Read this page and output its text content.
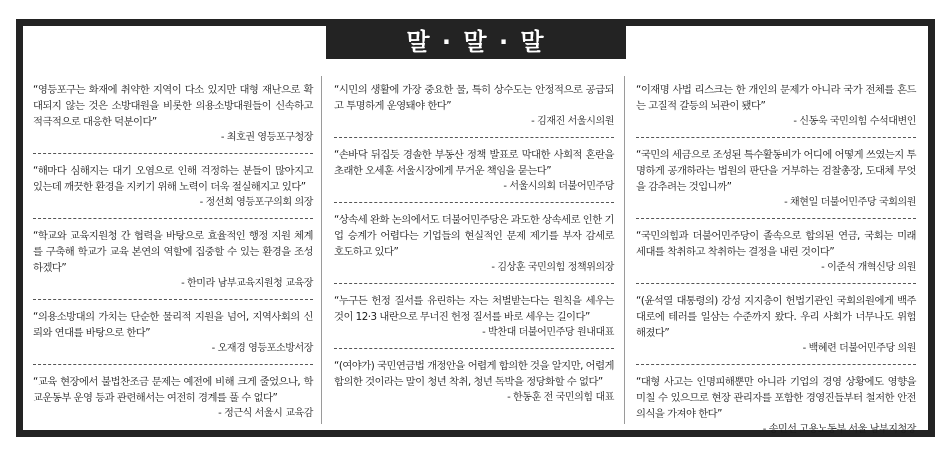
말 · 말 · 말
“영등포구는 화재에 취약한 지역이 다소 있지만 대형 재난으로 확대되지 않는 것은 소방대원을 비롯한 의용소방대원들이 신속하고 적극적으로 대응한 덕분이다”
- 최호권 영등포구청장
“해마다 심해지는 대기 오염으로 인해 걱정하는 분들이 많아지고 있는데 깨끗한 환경을 지키기 위해 노력이 더욱 절실해지고 있다”
- 정선희 영등포구의회 의장
“학교와 교육지원청 간 협력을 바탕으로 효율적인 행정 지원 체계를 구축해 학교가 교육 본연의 역할에 집중할 수 있는 환경을 조성하겠다”
- 한미라 남부교육지원청 교육장
“의용소방대의 가치는 단순한 물리적 지원을 넘어, 지역사회의 신뢰와 연대를 바탕으로 한다”
- 오재경 영등포소방서장
“교육 현장에서 불법찬조금 문제는 예전에 비해 크게 줄었으나, 학교운동부 운영 등과 관련해서는 여전히 경계를 풀 수 없다”
- 정근식 서울시 교육감
“시민의 생활에 가장 중요한 물, 특히 상수도는 안정적으로 공급되고 투명하게 운영돼야 한다”
- 김재진 서울시의원
“손바닥 뒤집듯 경솔한 부동산 정책 발표로 막대한 사회적 혼란을 초래한 오세훈 서울시장에게 무거운 책임을 묻는다”
- 서울시의회 더불어민주당
“상속세 완화 논의에서도 더불어민주당은 과도한 상속세로 인한 기업 승계가 어렵다는 기업들의 현실적인 문제 제기를 부자 감세로 호도하고 있다”
- 김상훈 국민의힘 정책위의장
“누구든 헌정 질서를 유린하는 자는 처벌받는다는 원칙을 세우는 것이 12·3 내란으로 무너진 헌정 질서를 바로 세우는 길이다”
- 박찬대 더불어민주당 원내대표
“(여야가) 국민연금법 개정안을 어렵게 합의한 것을 알지만, 어렵게 합의한 것이라는 말이 청년 착취, 청년 독박을 정당화할 수 없다”
- 한동훈 전 국민의힘 대표
“이재명 사법 리스크는 한 개인의 문제가 아니라 국가 전체를 흔드는 고질적 갈등의 뇌관이 됐다”
- 신동욱 국민의힘 수석대변인
“국민의 세금으로 조성된 특수활동비가 어디에 어떻게 쓰였는지 투명하게 공개하라는 법원의 판단을 거부하는 검찰총장, 도대체 무엇을 감추려는 것입니까”
- 채현일 더불어민주당 국회의원
“국민의힘과 더불어민주당이 졸속으로 합의된 연금, 국회는 미래 세대를 착취하고 착취하는 결정을 내린 것이다”
- 이준석 개혁신당 의원
“(윤석열 대통령의) 강성 지지층이 헌법기관인 국회의원에게 백주대로에 테러를 일삼는 수준까지 왔다. 우리 사회가 너무나도 위험해졌다”
- 백혜련 더불어민주당 의원
“대형 사고는 인명피해뿐만 아니라 기업의 경영 상황에도 영향을 미칠 수 있으므로 현장 관리자를 포함한 경영진들부터 철저한 안전의식을 가져야 한다”
- 송민선 고용노동부 서울 남부지청장
